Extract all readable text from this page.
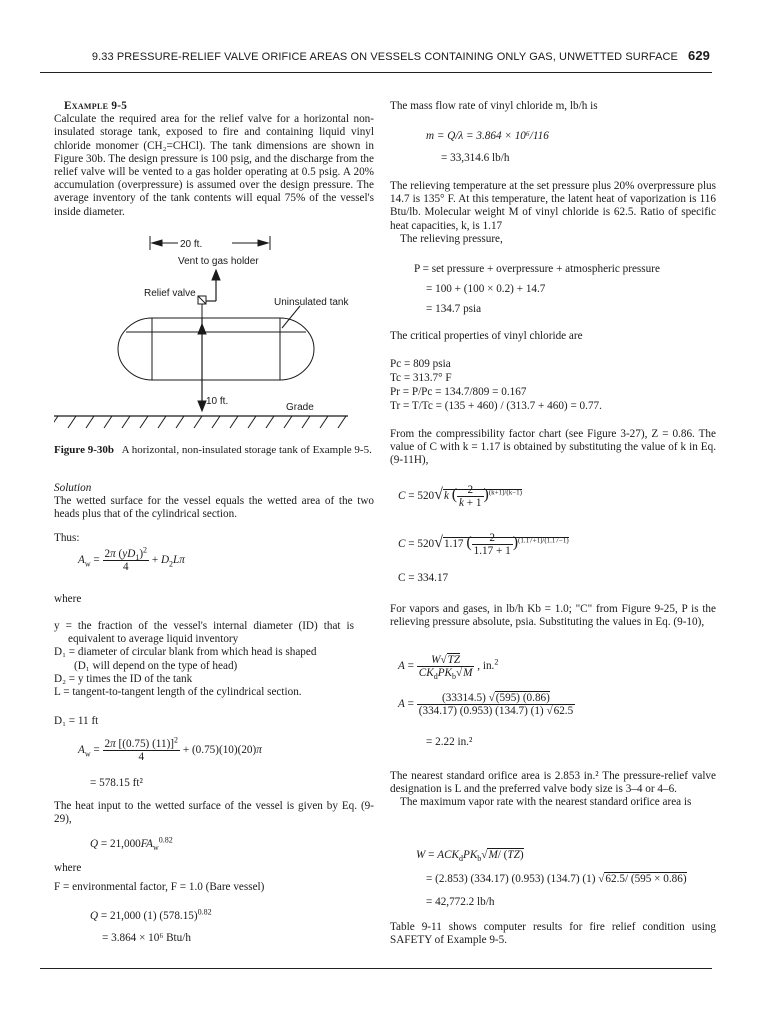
9.33 PRESSURE-RELIEF VALVE ORIFICE AREAS ON VESSELS CONTAINING ONLY GAS, UNWETTED SURFACE 629

Example 9-5

Calculate the required area for the relief valve for a horizontal non-insulated storage tank, exposed to fire and containing liquid vinyl chloride monomer (CH₂=CHCl). The tank dimensions are shown in Figure 30b. The design pressure is 100 psig, and the discharge from the relief valve will be vented to a gas holder operating at 0.5 psig. A 20% accumulation (overpressure) is assumed over the design pressure. The average inventory of the tank contents will equal 75% of the vessel's inside diameter.

20 ft.
Vent to gas holder
Relief valve
Uninsulated tank
10 ft.
Grade

Figure 9-30b A horizontal, non-insulated storage tank of Example 9-5.

Solution

The wetted surface for the vessel equals the wetted area of the two heads plus that of the cylindrical section.

Thus:

$A_w = \frac{2\pi (yD_1)^2}{4} + D_2L\pi$

where

y = the fraction of the vessel's internal diameter (ID) that is equivalent to average liquid inventory

D₁ = diameter of circular blank from which head is shaped

(D₁ will depend on the type of head)

D₂ = y times the ID of the tank

L = tangent-to-tangent length of the cylindrical section.

D₁ = 11 ft

$A_w = \frac{2\pi [(0.75) (11)]^2}{4} + (0.75)(10)(20)\pi$

= 578.15 ft²

The heat input to the wetted surface of the vessel is given by Eq. (9-29),

$Q = 21,000FA_w^{0.82}$

where

F = environmental factor, F = 1.0 (Bare vessel)

Q = 21,000 (1) $(578.15)^{0.82}$

= 3.864 × 10⁶ Btu/h

The mass flow rate of vinyl chloride m, lb/h is

m = Q/λ = 3.864 × 10⁶/116

= 33,314.6 lb/h

The relieving temperature at the set pressure plus 20% overpressure plus 14.7 is 135° F. At this temperature, the latent heat of vaporization is 116 Btu/lb. Molecular weight M of vinyl chloride is 62.5. Ratio of specific heat capacities, k, is 1.17

The relieving pressure,

P = set pressure + overpressure + atmospheric pressure

= 100 + (100 × 0.2) + 14.7

= 134.7 psia

The critical properties of vinyl chloride are

Pc = 809 psia

Tc = 313.7° F

Pr = P/Pc = 134.7/809 = 0.167

Tr = T/Tc = (135 + 460) / (313.7 + 460) = 0.77.

From the compressibility factor chart (see Figure 3-27), Z = 0.86. The value of C with k = 1.17 is obtained by substituting the value of k in Eq. (9-11H),

C = 520√k ( $\frac{2}{k + 1} )^{(k+1)/(k-1)}$
C = 520√1.17 ( $\frac{2}{1.17 + 1} )^{(1.17+1)/(1.17-1)}$

C = 334.17

For vapors and gases, in lb/h Kb = 1.0; "C" from Figure 9-25, P is the relieving pressure absolute, psia. Substituting the values in Eq. (9-10),

$A = \frac{W√TZ}{CK_dPK_b√M}$ , in.$^2$
$A = \frac{(33314.5) √(595) (0.86)}{(334.17) (0.953) (134.7) (1) √62.5}$

= 2.22 in.²

The nearest standard orifice area is 2.853 in.² The pressure-relief valve designation is L and the preferred valve body size is 3–4 or 4–6.

The maximum vapor rate with the nearest standard orifice area is

$W = ACK_dPK_b√M/$ (TZ)
= (2.853) (334.17) (0.953) (134.7) (1) √62.5/ (595 × 0.86)

= 42,772.2 lb/h

Table 9-11 shows computer results for fire relief condition using SAFETY of Example 9-5.
